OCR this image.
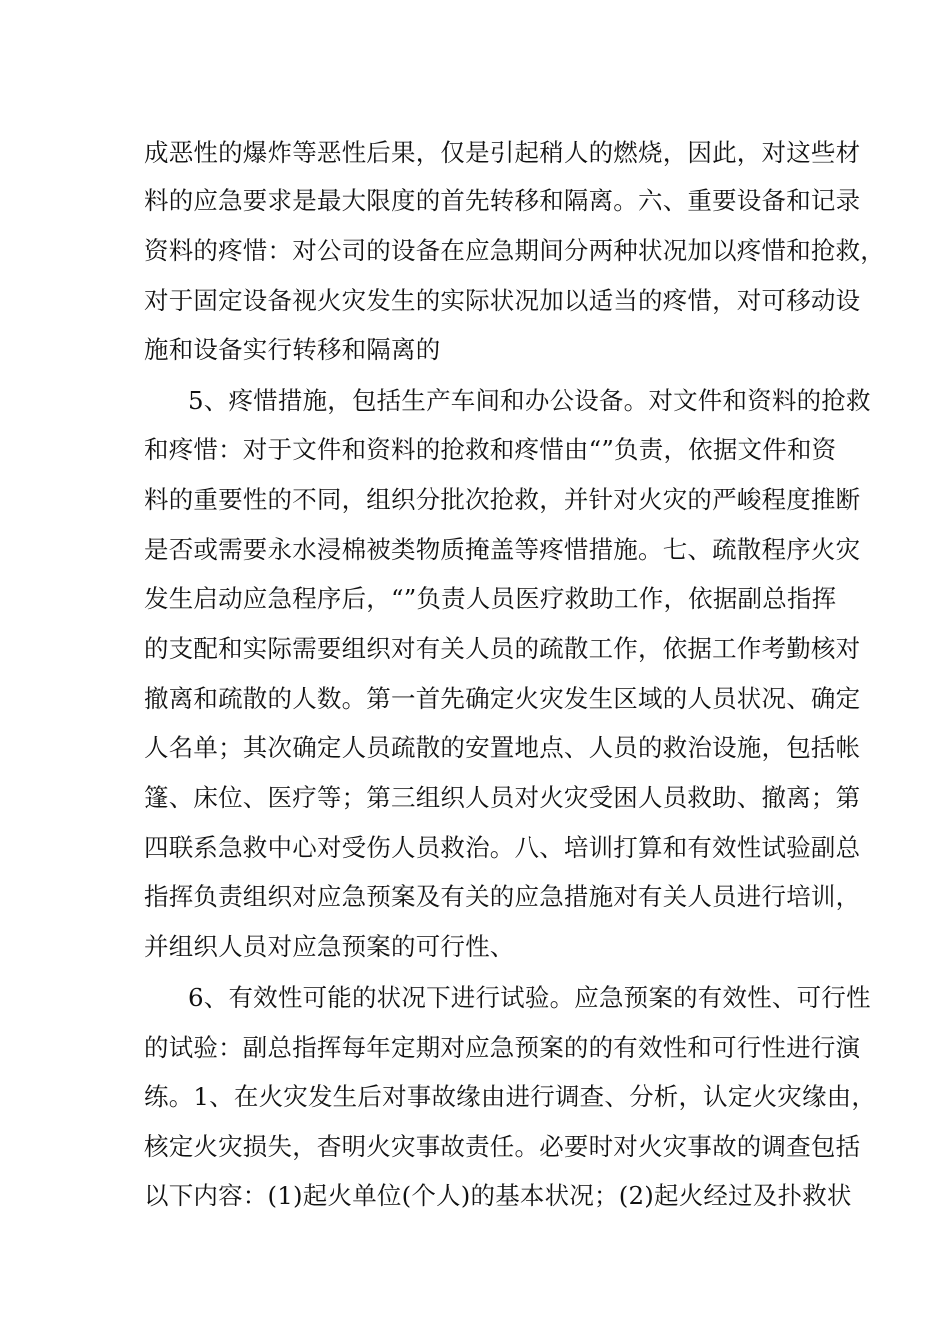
成恶性的爆炸等恶性后果，仅是引起稍人的燃烧，因此，对这些材
料的应急要求是最大限度的首先转移和隔离。六、重要设备和记录
资料的疼惜：对公司的设备在应急期间分两种状况加以疼惜和抢救，
对于固定设备视火灾发生的实际状况加以适当的疼惜，对可移动设
施和设备实行转移和隔离的
5、疼惜措施，包括生产车间和办公设备。对文件和资料的抢救
和疼惜：对于文件和资料的抢救和疼惜由“”负责，依据文件和资
料的重要性的不同，组织分批次抢救，并针对火灾的严峻程度推断
是否或需要永水浸棉被类物质掩盖等疼惜措施。七、疏散程序火灾
发生启动应急程序后，“”负责人员医疗救助工作，依据副总指挥
的支配和实际需要组织对有关人员的疏散工作，依据工作考勤核对
撤离和疏散的人数。第一首先确定火灾发生区域的人员状况、确定
人名单；其次确定人员疏散的安置地点、人员的救治设施，包括帐
篷、床位、医疗等；第三组织人员对火灾受困人员救助、撤离；第
四联系急救中心对受伤人员救治。八、培训打算和有效性试验副总
指挥负责组织对应急预案及有关的应急措施对有关人员进行培训，
并组织人员对应急预案的可行性、
6、有效性可能的状况下进行试验。应急预案的有效性、可行性
的试验：副总指挥每年定期对应急预案的的有效性和可行性进行演
练。1、在火灾发生后对事故缘由进行调查、分析，认定火灾缘由，
核定火灾损失，杳明火灾事故责任。必要时对火灾事故的调查包括
以下内容：(1)起火单位(个人)的基本状况；(2)起火经过及扑救状
